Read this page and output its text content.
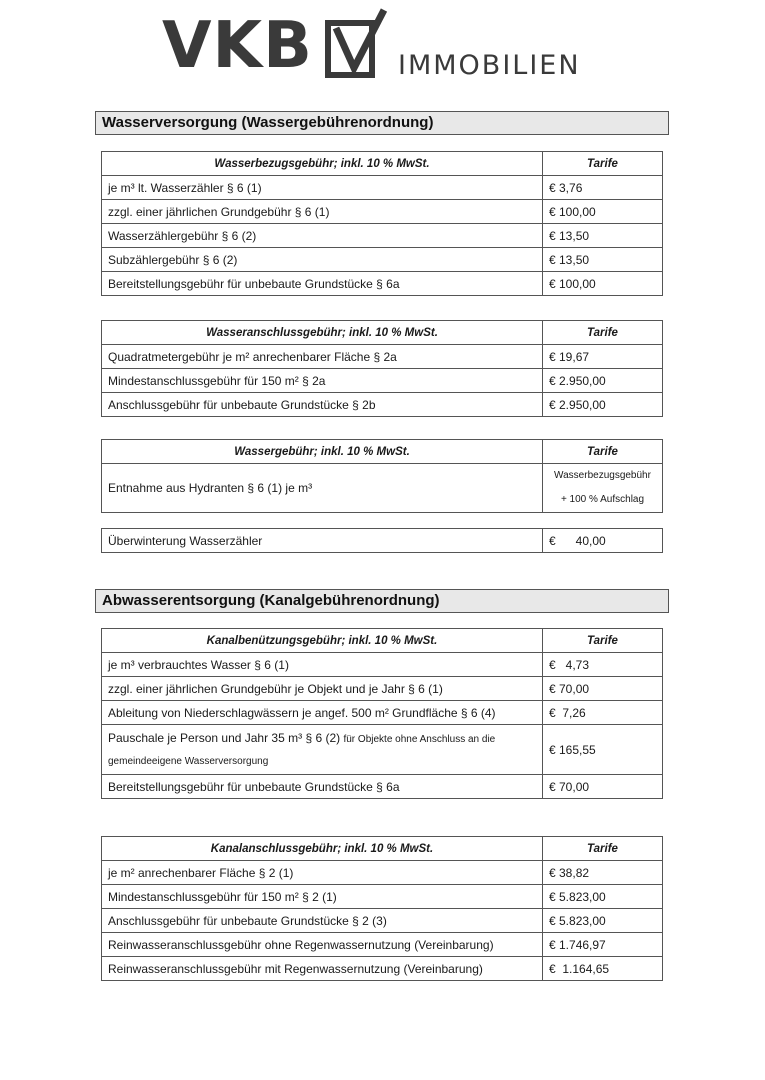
VKB	IMMOBILIEN
Wasserversorgung (Wassergebührenordnung)
Wasserbezugsgebühr; inkl. 10 % MwSt.	Tarife
je m³ lt. Wasserzähler § 6 (1)	€ 3,76
zzgl. einer jährlichen Grundgebühr § 6 (1)	€ 100,00
Wasserzählergebühr § 6 (2)	€ 13,50
Subzählergebühr § 6 (2)	€ 13,50
Bereitstellungsgebühr für unbebaute Grundstücke § 6a	€ 100,00
Wasseranschlussgebühr; inkl. 10 % MwSt.	Tarife
Quadratmetergebühr je m² anrechenbarer Fläche § 2a	€ 19,67
Mindestanschlussgebühr für 150 m² § 2a	€ 2.950,00
Anschlussgebühr für unbebaute Grundstücke § 2b	€ 2.950,00
Wassergebühr; inkl. 10 % MwSt.	Tarife
Entnahme aus Hydranten § 6 (1) je m³	Wasserbezugsgebühr
+ 100 % Aufschlag
Überwinterung Wasserzähler	€      40,00
Abwasserentsorgung (Kanalgebührenordnung)
Kanalbenützungsgebühr; inkl. 10 % MwSt.	Tarife
je m³ verbrauchtes Wasser § 6 (1)	€   4,73
zzgl. einer jährlichen Grundgebühr je Objekt und je Jahr § 6 (1)	€ 70,00
Ableitung von Niederschlagwässern je angef. 500 m² Grundfläche § 6 (4)	€  7,26
Pauschale je Person und Jahr 35 m³ § 6 (2) für Objekte ohne Anschluss an die
gemeindeeigene Wasserversorgung	€ 165,55
Bereitstellungsgebühr für unbebaute Grundstücke § 6a	€ 70,00
Kanalanschlussgebühr; inkl. 10 % MwSt.	Tarife
je m² anrechenbarer Fläche § 2 (1)	€ 38,82
Mindestanschlussgebühr für 150 m² § 2 (1)	€ 5.823,00
Anschlussgebühr für unbebaute Grundstücke § 2 (3)	€ 5.823,00
Reinwasseranschlussgebühr ohne Regenwassernutzung (Vereinbarung)	€ 1.746,97
Reinwasseranschlussgebühr mit Regenwassernutzung (Vereinbarung)	€  1.164,65
